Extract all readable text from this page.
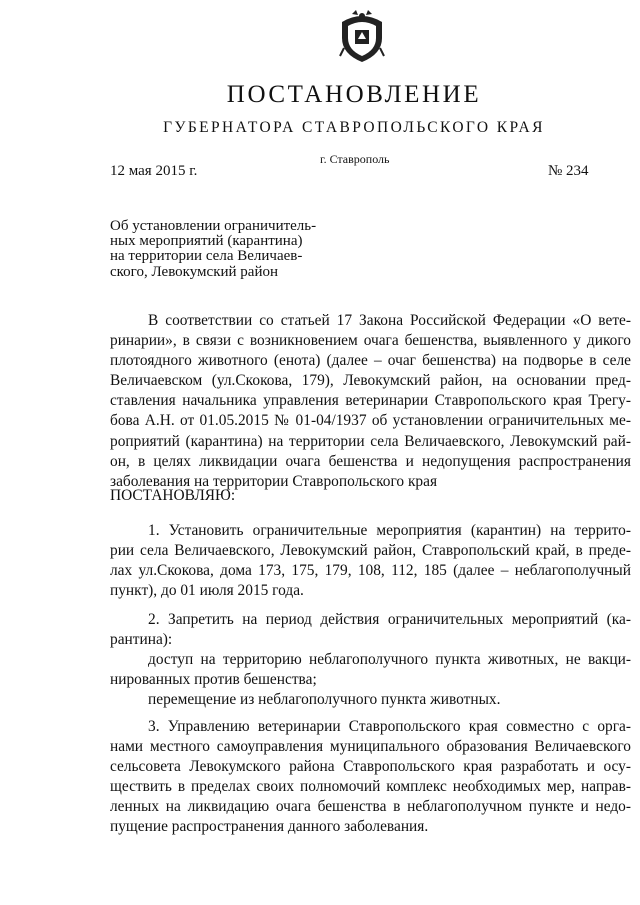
ПОСТАНОВЛЕНИЕ
ГУБЕРНАТОРА СТАВРОПОЛЬСКОГО КРАЯ
г. Ставрополь
12 мая 2015 г.	№ 234
Об установлении ограничитель-
ных мероприятий (карантина)
на территории села Величаев-
ского, Левокумский район
В соответствии со статьей 17 Закона Российской Федерации «О вете-
ринарии», в связи с возникновением очага бешенства, выявленного у дикого
плотоядного животного (енота) (далее – очаг бешенства) на подворье в селе
Величаевском (ул.Скокова, 179), Левокумский район, на основании пред-
ставления начальника управления ветеринарии Ставропольского края Трегу-
бова А.Н. от 01.05.2015 № 01-04/1937 об установлении ограничительных ме-
роприятий (карантина) на территории села Величаевского, Левокумский рай-
он, в целях ликвидации очага бешенства и недопущения распространения
заболевания на территории Ставропольского края
ПОСТАНОВЛЯЮ:
1. Установить ограничительные мероприятия (карантин) на террито-
рии села Величаевского, Левокумский район, Ставропольский край, в преде-
лах ул.Скокова, дома 173, 175, 179, 108, 112, 185 (далее – неблагополучный
пункт), до 01 июля 2015 года.
2. Запретить на период действия ограничительных мероприятий (ка-
рантина):
доступ на территорию неблагополучного пункта животных, не вакци-
нированных против бешенства;
перемещение из неблагополучного пункта животных.
3. Управлению ветеринарии Ставропольского края совместно с орга-
нами местного самоуправления муниципального образования Величаевского
сельсовета Левокумского района Ставропольского края разработать и осу-
ществить в пределах своих полномочий комплекс необходимых мер, направ-
ленных на ликвидацию очага бешенства в неблагополучном пункте и недо-
пущение распространения данного заболевания.
